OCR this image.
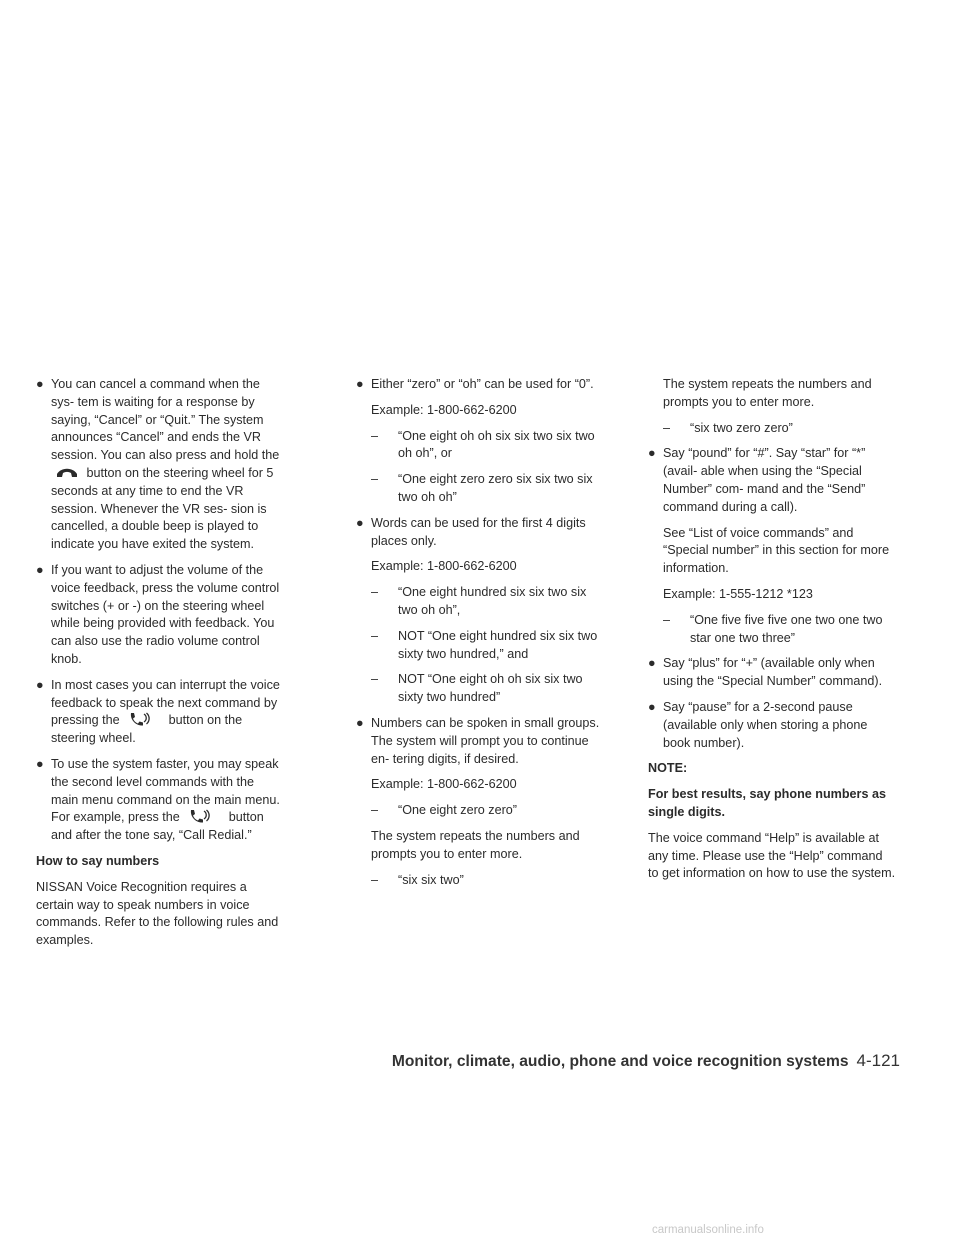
● You can cancel a command when the sys- tem is waiting for a response by saying, “Cancel” or “Quit.” The system announces “Cancel” and ends the VR session. You can also press and hold the  button on the steering wheel for 5 seconds at any time to end the VR session. Whenever the VR ses- sion is cancelled, a double beep is played to indicate you have exited the system.
● If you want to adjust the volume of the voice feedback, press the volume control switches (+ or -) on the steering wheel while being provided with feedback. You can also use the radio volume control knob.
● In most cases you can interrupt the voice feedback to speak the next command by pressing the	button on the steering wheel.
● To use the system faster, you may speak the second level commands with the main menu command on the main menu. For example, press the	button and after the tone say, “Call Redial.”
How to say numbers
NISSAN Voice Recognition requires a certain way to speak numbers in voice commands. Refer to the following rules and examples.
● Either “zero” or “oh” can be used for “0”.
Example: 1-800-662-6200
– “One eight oh oh six six two six two oh oh”, or
– “One eight zero zero six six two six two oh oh”
● Words can be used for the first 4 digits places only.
Example: 1-800-662-6200
– “One eight hundred six six two six two oh oh”,
– NOT “One eight hundred six six two sixty two hundred,” and
– NOT “One eight oh oh six six two sixty two hundred”
● Numbers can be spoken in small groups. The system will prompt you to continue en- tering digits, if desired.
Example: 1-800-662-6200
– “One eight zero zero”
The system repeats the numbers and prompts you to enter more.
– “six six two”
The system repeats the numbers and prompts you to enter more.
– “six two zero zero”
● Say “pound” for “#”. Say “star” for “*” (avail- able when using the “Special Number” com- mand and the “Send” command during a call).
See “List of voice commands” and “Special number” in this section for more information.
Example: 1-555-1212 *123
– “One five five five one two one two star one two three”
● Say “plus” for “+” (available only when using the “Special Number” command).
● Say “pause” for a 2-second pause (available only when storing a phone book number).
NOTE:
For best results, say phone numbers as single digits.
The voice command “Help” is available at any time. Please use the “Help” command to get information on how to use the system.
Monitor, climate, audio, phone and voice recognition systems 4-121
carmanualsonline.info
